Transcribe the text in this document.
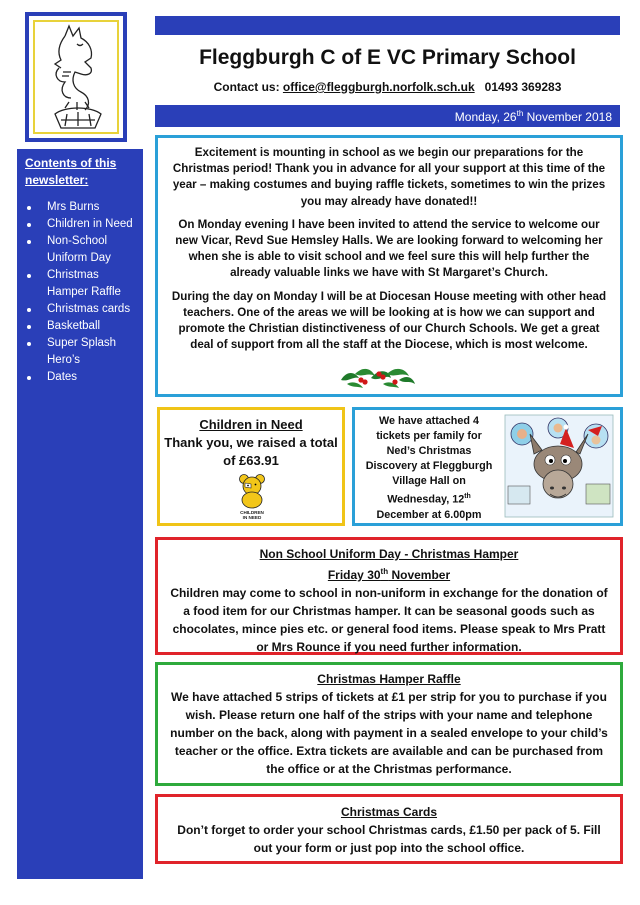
Fleggburgh C of E VC Primary School
Contact us: office@fleggburgh.norfolk.sch.uk 01493 369283
Monday, 26th November 2018
Contents of this newsletter:
Mrs Burns
Children in Need
Non-School Uniform Day
Christmas Hamper Raffle
Christmas cards
Basketball
Super Splash Hero’s
Dates

Excitement is mounting in school as we begin our preparations for the Christmas period! Thank you in advance for all your support at this time of the year – making costumes and buying raffle tickets, sometimes to win the prizes you may already have donated!!

On Monday evening I have been invited to attend the service to welcome our new Vicar, Revd Sue Hemsley Halls. We are looking forward to welcoming her when she is able to visit school and we feel sure this will help further the already valuable links we have with St Margaret’s Church.

During the day on Monday I will be at Diocesan House meeting with other head teachers. One of the areas we will be looking at is how we can support and promote the Christian distinctiveness of our Church Schools. We get a great deal of support from all the staff at the Diocese, which is most welcome.

Children in Need
Thank you, we raised a total of £63.91
CHILDREN
IN NEED
We have attached 4 tickets per family for Ned’s Christmas Discovery at Fleggburgh Village Hall on Wednesday, 12th December at 6.00pm
Non School Uniform Day - Christmas Hamper
Friday 30th November
Children may come to school in non-uniform in exchange for the donation of a food item for our Christmas hamper. It can be seasonal goods such as chocolates, mince pies etc. or general food items. Please speak to Mrs Pratt or Mrs Rounce if you need further information.
Christmas Hamper Raffle
We have attached 5 strips of tickets at £1 per strip for you to purchase if you wish. Please return one half of the strips with your name and telephone number on the back, along with payment in a sealed envelope to your child’s teacher or the office. Extra tickets are available and can be purchased from the office or at the Christmas performance.
Christmas Cards
Don’t forget to order your school Christmas cards, £1.50 per pack of 5. Fill out your form or just pop into the school office.
